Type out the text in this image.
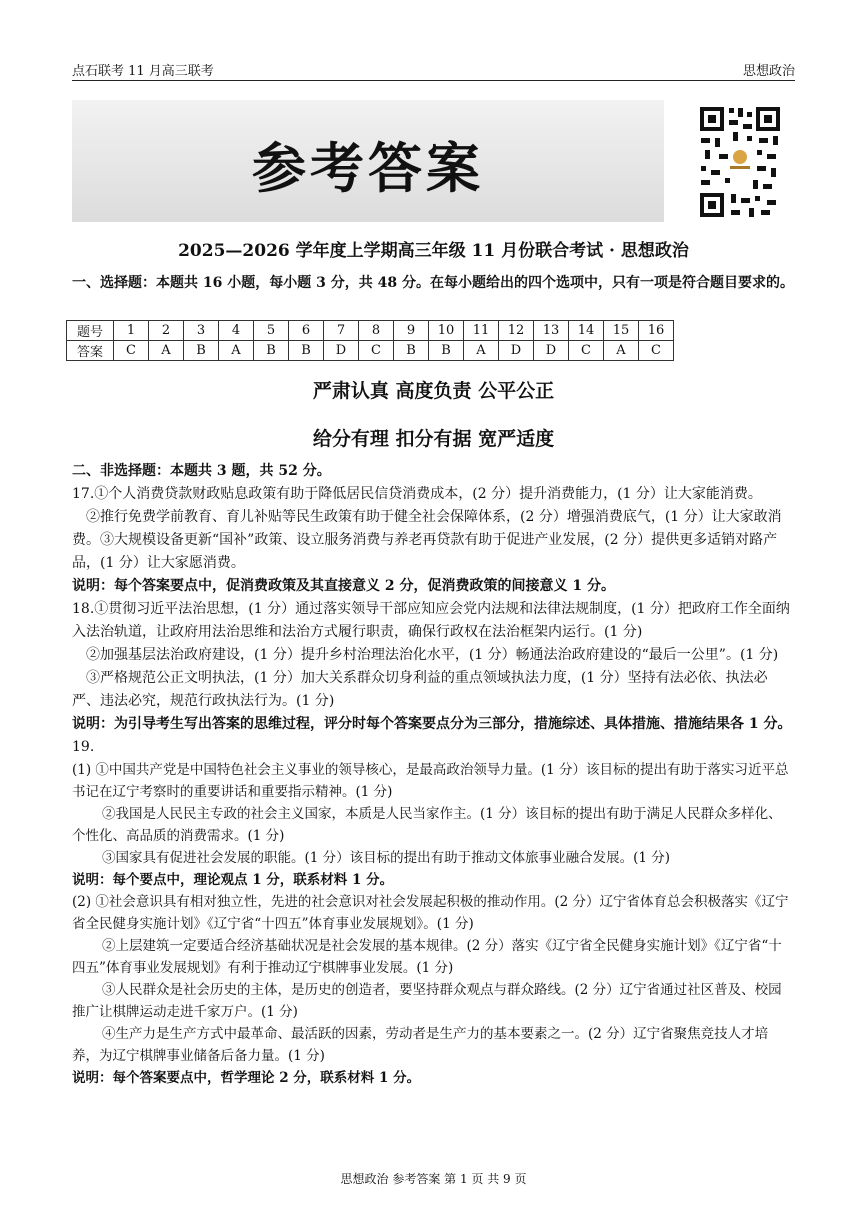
点石联考 11 月高三联考	思想政治
参考答案
2025—2026 学年度上学期高三年级 11 月份联合考试 · 思想政治
一、选择题：本题共 16 小题，每小题 3 分，共 48 分。在每小题给出的四个选项中，只有一项是符合题目要求的。
题号	1	2	3	4	5	6	7	8	9	10	11	12	13	14	15	16
答案	C	A	B	A	B	B	D	C	B	B	A	D	D	C	A	C
严肃认真 高度负责 公平公正
给分有理 扣分有据 宽严适度

二、非选择题：本题共 3 题，共 52 分。

17.①个人消费贷款财政贴息政策有助于降低居民信贷消费成本，(2 分）提升消费能力，(1 分）让大家能消费。

②推行免费学前教育、育儿补贴等民生政策有助于健全社会保障体系，(2 分）增强消费底气，(1 分）让大家敢消费。③大规模设备更新“国补”政策、设立服务消费与养老再贷款有助于促进产业发展，(2 分）提供更多适销对路产品，(1 分）让大家愿消费。

说明：每个答案要点中，促消费政策及其直接意义 2 分，促消费政策的间接意义 1 分。

18.①贯彻习近平法治思想，(1 分）通过落实领导干部应知应会党内法规和法律法规制度，(1 分）把政府工作全面纳入法治轨道，让政府用法治思维和法治方式履行职责，确保行政权在法治框架内运行。(1 分)

②加强基层法治政府建设，(1 分）提升乡村治理法治化水平，(1 分）畅通法治政府建设的“最后一公里”。(1 分)

③严格规范公正文明执法，(1 分）加大关系群众切身利益的重点领域执法力度，(1 分）坚持有法必依、执法必严、违法必究，规范行政执法行为。(1 分)

说明：为引导考生写出答案的思维过程，评分时每个答案要点分为三部分，措施综述、具体措施、措施结果各 1 分。

19.

(1) ①中国共产党是中国特色社会主义事业的领导核心，是最高政治领导力量。(1 分）该目标的提出有助于落实习近平总书记在辽宁考察时的重要讲话和重要指示精神。(1 分)

②我国是人民民主专政的社会主义国家，本质是人民当家作主。(1 分）该目标的提出有助于满足人民群众多样化、个性化、高品质的消费需求。(1 分)

③国家具有促进社会发展的职能。(1 分）该目标的提出有助于推动文体旅事业融合发展。(1 分)

说明：每个要点中，理论观点 1 分，联系材料 1 分。

(2) ①社会意识具有相对独立性，先进的社会意识对社会发展起积极的推动作用。(2 分）辽宁省体育总会积极落实《辽宁省全民健身实施计划》《辽宁省“十四五”体育事业发展规划》。(1 分)

②上层建筑一定要适合经济基础状况是社会发展的基本规律。(2 分）落实《辽宁省全民健身实施计划》《辽宁省“十四五”体育事业发展规划》有利于推动辽宁棋牌事业发展。(1 分)

③人民群众是社会历史的主体，是历史的创造者，要坚持群众观点与群众路线。(2 分）辽宁省通过社区普及、校园推广让棋牌运动走进千家万户。(1 分)

④生产力是生产方式中最革命、最活跃的因素，劳动者是生产力的基本要素之一。(2 分）辽宁省聚焦竞技人才培养，为辽宁棋牌事业储备后备力量。(1 分)

说明：每个答案要点中，哲学理论 2 分，联系材料 1 分。

思想政治 参考答案 第 1 页 共 9 页
